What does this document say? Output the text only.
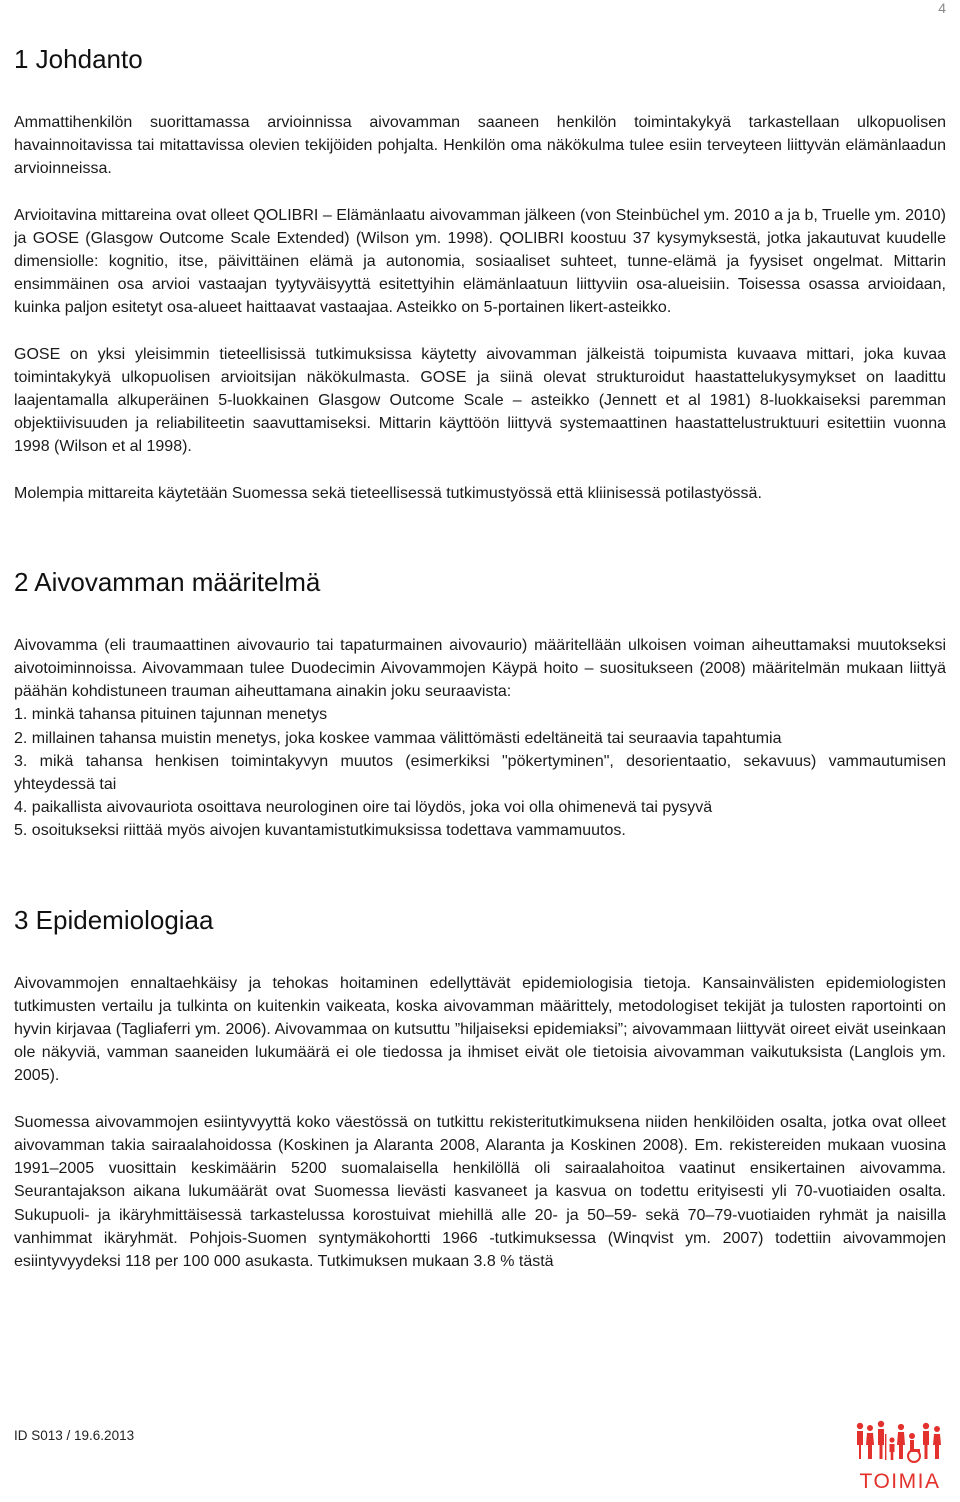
4
1 Johdanto

Ammattihenkilön suorittamassa arvioinnissa aivovamman saaneen henkilön toimintakykyä tarkastellaan ulkopuolisen havainnoitavissa tai mitattavissa olevien tekijöiden pohjalta. Henkilön oma näkökulma tulee esiin terveyteen liittyvän elämänlaadun arvioinneissa.

Arvioitavina mittareina ovat olleet QOLIBRI – Elämänlaatu aivovamman jälkeen (von Steinbüchel ym. 2010 a ja b, Truelle ym. 2010) ja GOSE (Glasgow Outcome Scale Extended) (Wilson ym. 1998). QOLIBRI koostuu 37 kysymyksestä, jotka jakautuvat kuudelle dimensiolle: kognitio, itse, päivittäinen elämä ja autonomia, sosiaaliset suhteet, tunne-elämä ja fyysiset ongelmat. Mittarin ensimmäinen osa arvioi vastaajan tyytyväisyyttä esitettyihin elämänlaatuun liittyviin osa-alueisiin. Toisessa osassa arvioidaan, kuinka paljon esitetyt osa-alueet haittaavat vastaajaa. Asteikko on 5-portainen likert-asteikko.

GOSE on yksi yleisimmin tieteellisissä tutkimuksissa käytetty aivovamman jälkeistä toipumista kuvaava mittari, joka kuvaa toimintakykyä ulkopuolisen arvioitsijan näkökulmasta. GOSE ja siinä olevat strukturoidut haastattelukysymykset on laadittu laajentamalla alkuperäinen 5-luokkainen Glasgow Outcome Scale – asteikko (Jennett et al 1981) 8-luokkaiseksi paremman objektiivisuuden ja reliabiliteetin saavuttamiseksi. Mittarin käyttöön liittyvä systemaattinen haastattelustruktuuri esitettiin vuonna 1998 (Wilson et al 1998).

Molempia mittareita käytetään Suomessa sekä tieteellisessä tutkimustyössä että kliinisessä potilastyössä.

2 Aivovamman määritelmä

Aivovamma (eli traumaattinen aivovaurio tai tapaturmainen aivovaurio) määritellään ulkoisen voiman aiheuttamaksi muutokseksi aivotoiminnoissa. Aivovammaan tulee Duodecimin Aivovammojen Käypä hoito – suositukseen (2008) määritelmän mukaan liittyä päähän kohdistuneen trauman aiheuttamana ainakin joku seuraavista:

1. minkä tahansa pituinen tajunnan menetys
2. millainen tahansa muistin menetys, joka koskee vammaa välittömästi edeltäneitä tai seuraavia tapahtumia
3. mikä tahansa henkisen toimintakyvyn muutos (esimerkiksi "pökertyminen", desorientaatio, sekavuus) vammautumisen yhteydessä tai
4. paikallista aivovauriota osoittava neurologinen oire tai löydös, joka voi olla ohimenevä tai pysyvä
5. osoitukseksi riittää myös aivojen kuvantamistutkimuksissa todettava vammamuutos.
3 Epidemiologiaa

Aivovammojen ennaltaehkäisy ja tehokas hoitaminen edellyttävät epidemiologisia tietoja. Kansainvälisten epidemiologisten tutkimusten vertailu ja tulkinta on kuitenkin vaikeata, koska aivovamman määrittely, metodologiset tekijät ja tulosten raportointi on hyvin kirjavaa (Tagliaferri ym. 2006). Aivovammaa on kutsuttu ”hiljaiseksi epidemiaksi”; aivovammaan liittyvät oireet eivät useinkaan ole näkyviä, vamman saaneiden lukumäärä ei ole tiedossa ja ihmiset eivät ole tietoisia aivovamman vaikutuksista (Langlois ym. 2005).

Suomessa aivovammojen esiintyvyyttä koko väestössä on tutkittu rekisteritutkimuksena niiden henkilöiden osalta, jotka ovat olleet aivovamman takia sairaalahoidossa (Koskinen ja Alaranta 2008, Alaranta ja Koskinen 2008). Em. rekistereiden mukaan vuosina 1991–2005 vuosittain keskimäärin 5200 suomalaisella henkilöllä oli sairaalahoitoa vaatinut ensikertainen aivovamma. Seurantajakson aikana lukumäärät ovat Suomessa lievästi kasvaneet ja kasvua on todettu erityisesti yli 70-vuotiaiden osalta. Sukupuoli- ja ikäryhmittäisessä tarkastelussa korostuivat miehillä alle 20- ja 50–59- sekä 70–79-vuotiaiden ryhmät ja naisilla vanhimmat ikäryhmät. Pohjois-Suomen syntymäkohortti 1966 -tutkimuksessa (Winqvist ym. 2007) todettiin aivovammojen esiintyvyydeksi 118 per 100 000 asukasta. Tutkimuksen mukaan 3.8 % tästä

ID S013 / 19.6.2013
TOIMIA
